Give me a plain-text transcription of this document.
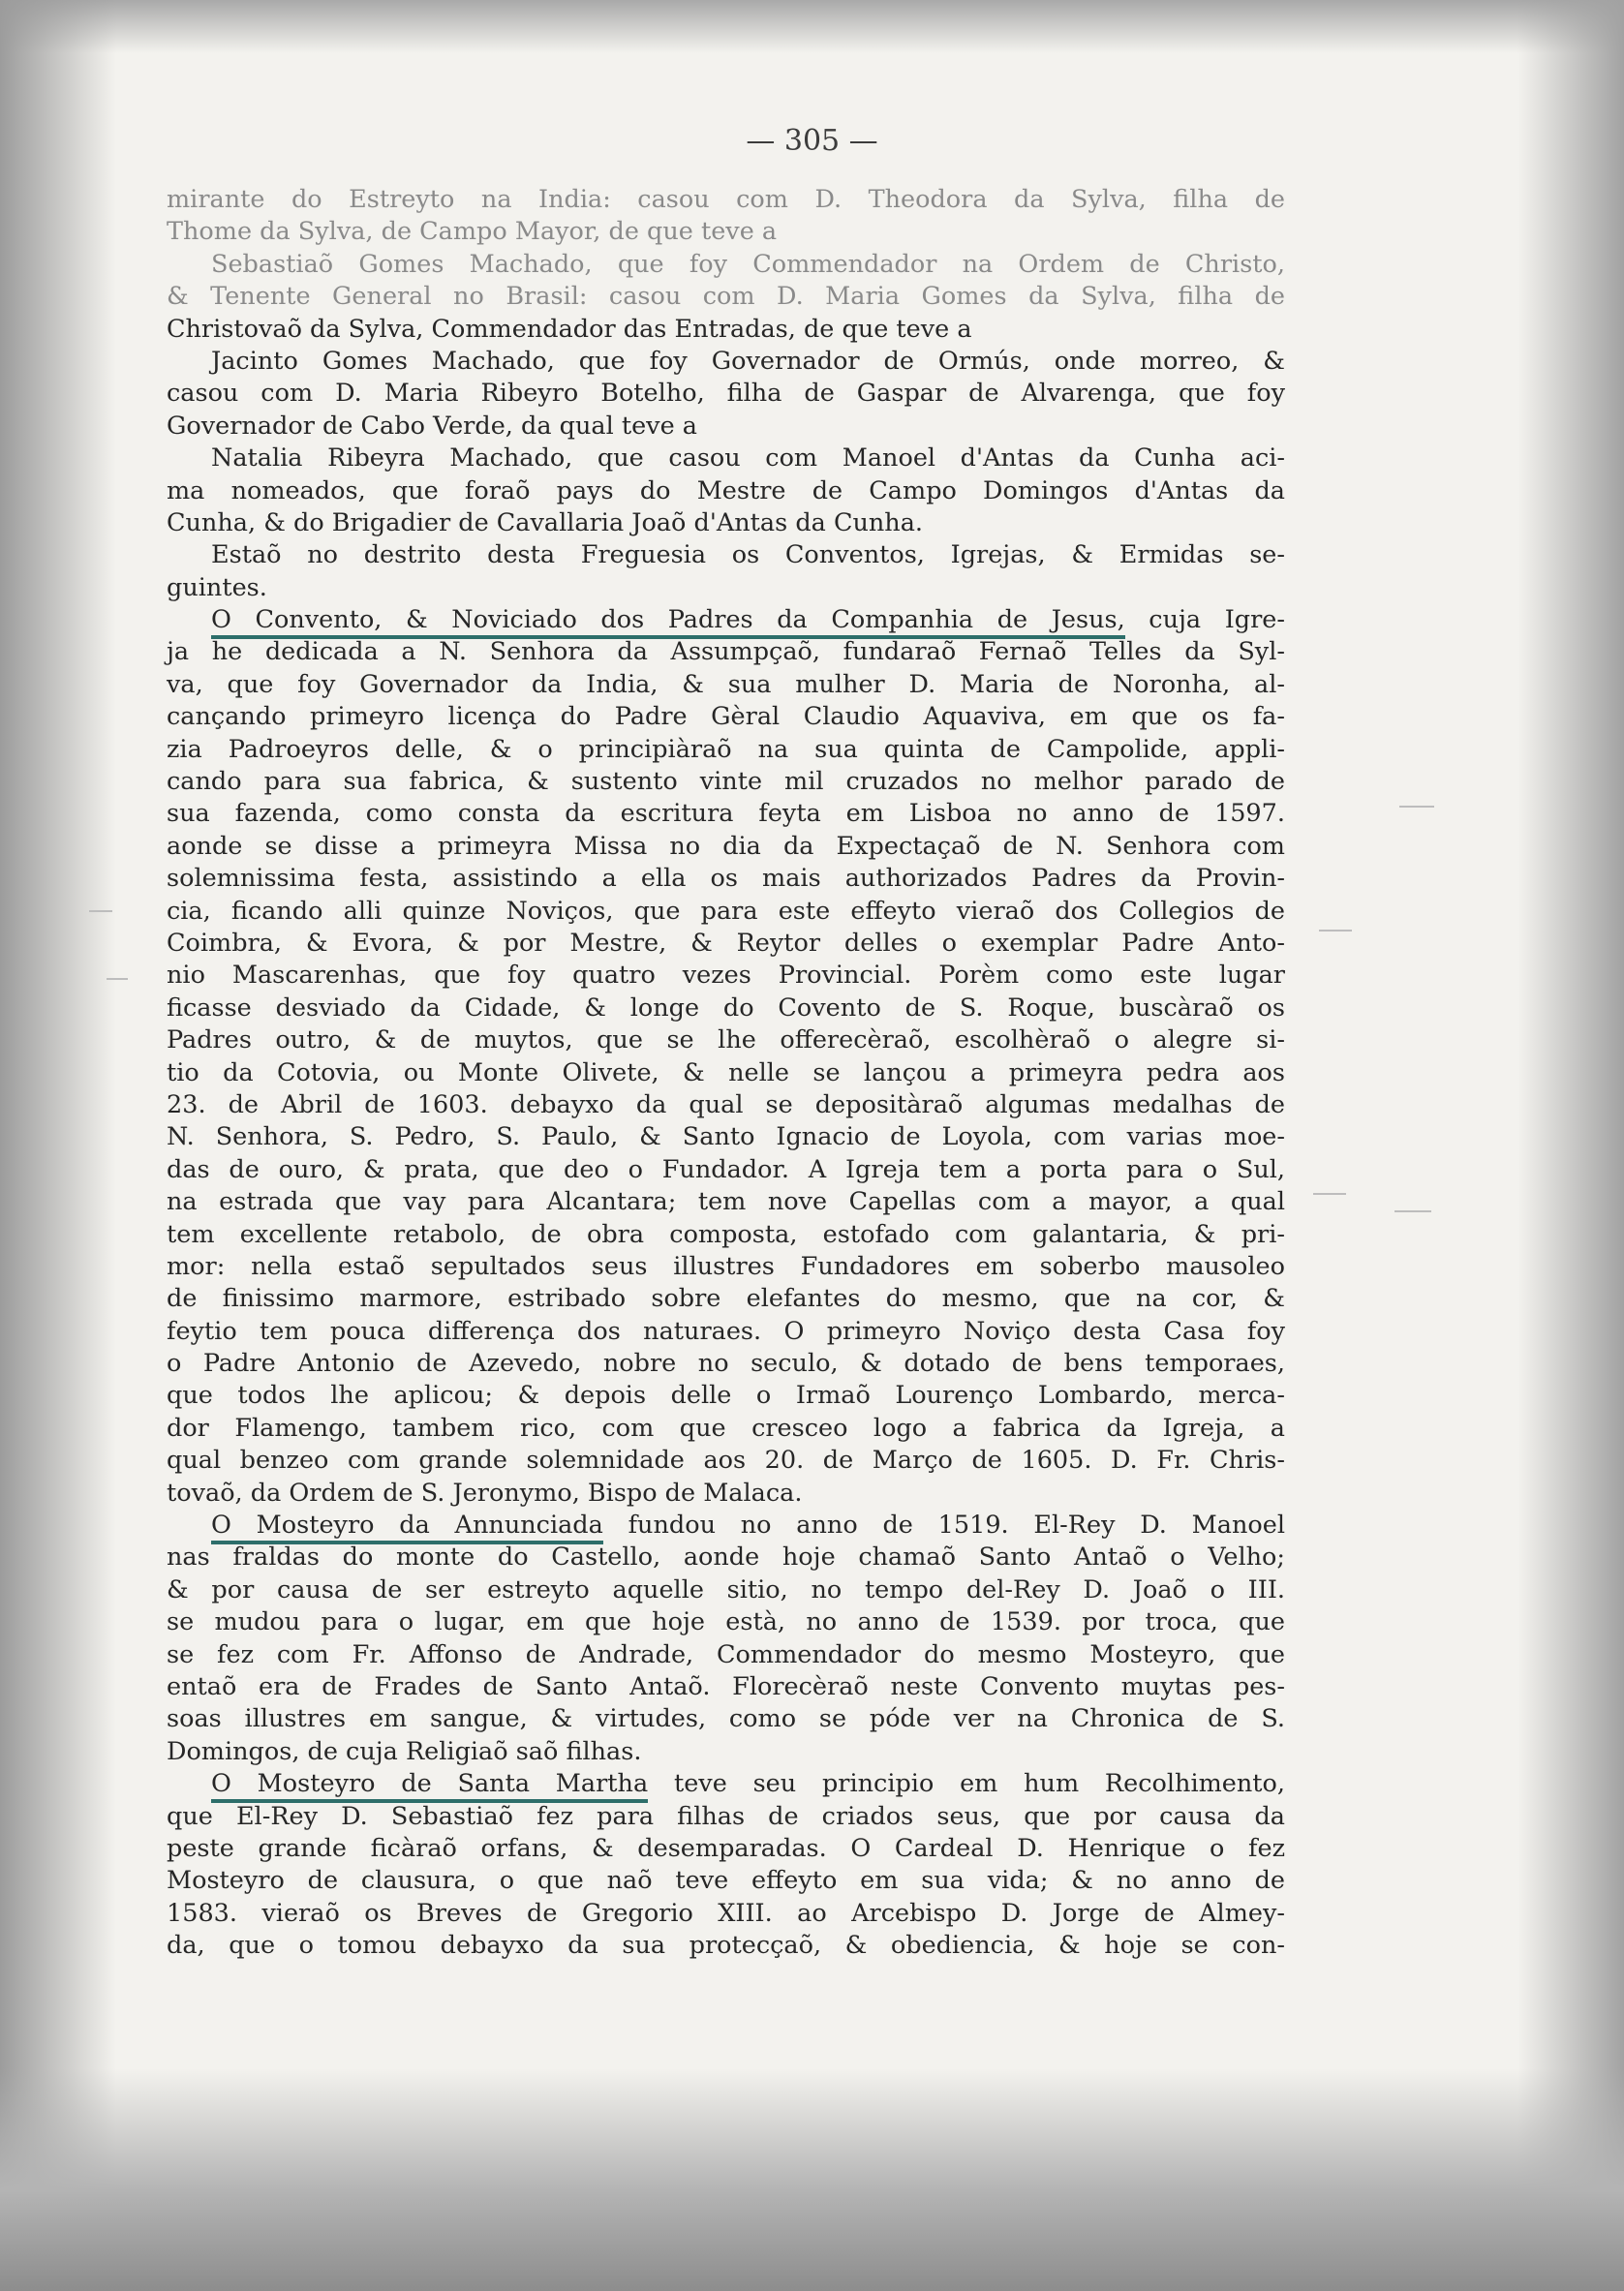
— 305 —
mirante do Estreyto na India: casou com D. Theodora da Sylva, filha de
Thome da Sylva, de Campo Mayor, de que teve a
Sebastiaõ Gomes Machado, que foy Commendador na Ordem de Christo,
& Tenente General no Brasil: casou com D. Maria Gomes da Sylva, filha de
Christovaõ da Sylva, Commendador das Entradas, de que teve a
Jacinto Gomes Machado, que foy Governador de Ormús, onde morreo, &
casou com D. Maria Ribeyro Botelho, filha de Gaspar de Alvarenga, que foy
Governador de Cabo Verde, da qual teve a
Natalia Ribeyra Machado, que casou com Manoel d'Antas da Cunha aci-
ma nomeados, que foraõ pays do Mestre de Campo Domingos d'Antas da
Cunha, & do Brigadier de Cavallaria Joaõ d'Antas da Cunha.
Estaõ no destrito desta Freguesia os Conventos, Igrejas, & Ermidas se-
guintes.
O Convento, & Noviciado dos Padres da Companhia de Jesus, cuja Igre-
ja he dedicada a N. Senhora da Assumpçaõ, fundaraõ Fernaõ Telles da Syl-
va, que foy Governador da India, & sua mulher D. Maria de Noronha, al-
cançando primeyro licença do Padre Gèral Claudio Aquaviva, em que os fa-
zia Padroeyros delle, & o principiàraõ na sua quinta de Campolide, appli-
cando para sua fabrica, & sustento vinte mil cruzados no melhor parado de
sua fazenda, como consta da escritura feyta em Lisboa no anno de 1597.
aonde se disse a primeyra Missa no dia da Expectaçaõ de N. Senhora com
solemnissima festa, assistindo a ella os mais authorizados Padres da Provin-
cia, ficando alli quinze Noviços, que para este effeyto vieraõ dos Collegios de
Coimbra, & Evora, & por Mestre, & Reytor delles o exemplar Padre Anto-
nio Mascarenhas, que foy quatro vezes Provincial. Porèm como este lugar
ficasse desviado da Cidade, & longe do Covento de S. Roque, buscàraõ os
Padres outro, & de muytos, que se lhe offerecèraõ, escolhèraõ o alegre si-
tio da Cotovia, ou Monte Olivete, & nelle se lançou a primeyra pedra aos
23. de Abril de 1603. debayxo da qual se depositàraõ algumas medalhas de
N. Senhora, S. Pedro, S. Paulo, & Santo Ignacio de Loyola, com varias moe-
das de ouro, & prata, que deo o Fundador. A Igreja tem a porta para o Sul,
na estrada que vay para Alcantara; tem nove Capellas com a mayor, a qual
tem excellente retabolo, de obra composta, estofado com galantaria, & pri-
mor: nella estaõ sepultados seus illustres Fundadores em soberbo mausoleo
de finissimo marmore, estribado sobre elefantes do mesmo, que na cor, &
feytio tem pouca differença dos naturaes. O primeyro Noviço desta Casa foy
o Padre Antonio de Azevedo, nobre no seculo, & dotado de bens temporaes,
que todos lhe aplicou; & depois delle o Irmaõ Lourenço Lombardo, merca-
dor Flamengo, tambem rico, com que cresceo logo a fabrica da Igreja, a
qual benzeo com grande solemnidade aos 20. de Março de 1605. D. Fr. Chris-
tovaõ, da Ordem de S. Jeronymo, Bispo de Malaca.
O Mosteyro da Annunciada fundou no anno de 1519. El-Rey D. Manoel
nas fraldas do monte do Castello, aonde hoje chamaõ Santo Antaõ o Velho;
& por causa de ser estreyto aquelle sitio, no tempo del-Rey D. Joaõ o III.
se mudou para o lugar, em que hoje està, no anno de 1539. por troca, que
se fez com Fr. Affonso de Andrade, Commendador do mesmo Mosteyro, que
entaõ era de Frades de Santo Antaõ. Florecèraõ neste Convento muytas pes-
soas illustres em sangue, & virtudes, como se póde ver na Chronica de S.
Domingos, de cuja Religiaõ saõ filhas.
O Mosteyro de Santa Martha teve seu principio em hum Recolhimento,
que El-Rey D. Sebastiaõ fez para filhas de criados seus, que por causa da
peste grande ficàraõ orfans, & desemparadas. O Cardeal D. Henrique o fez
Mosteyro de clausura, o que naõ teve effeyto em sua vida; & no anno de
1583. vieraõ os Breves de Gregorio XIII. ao Arcebispo D. Jorge de Almey-
da, que o tomou debayxo da sua protecçaõ, & obediencia, & hoje se con-
